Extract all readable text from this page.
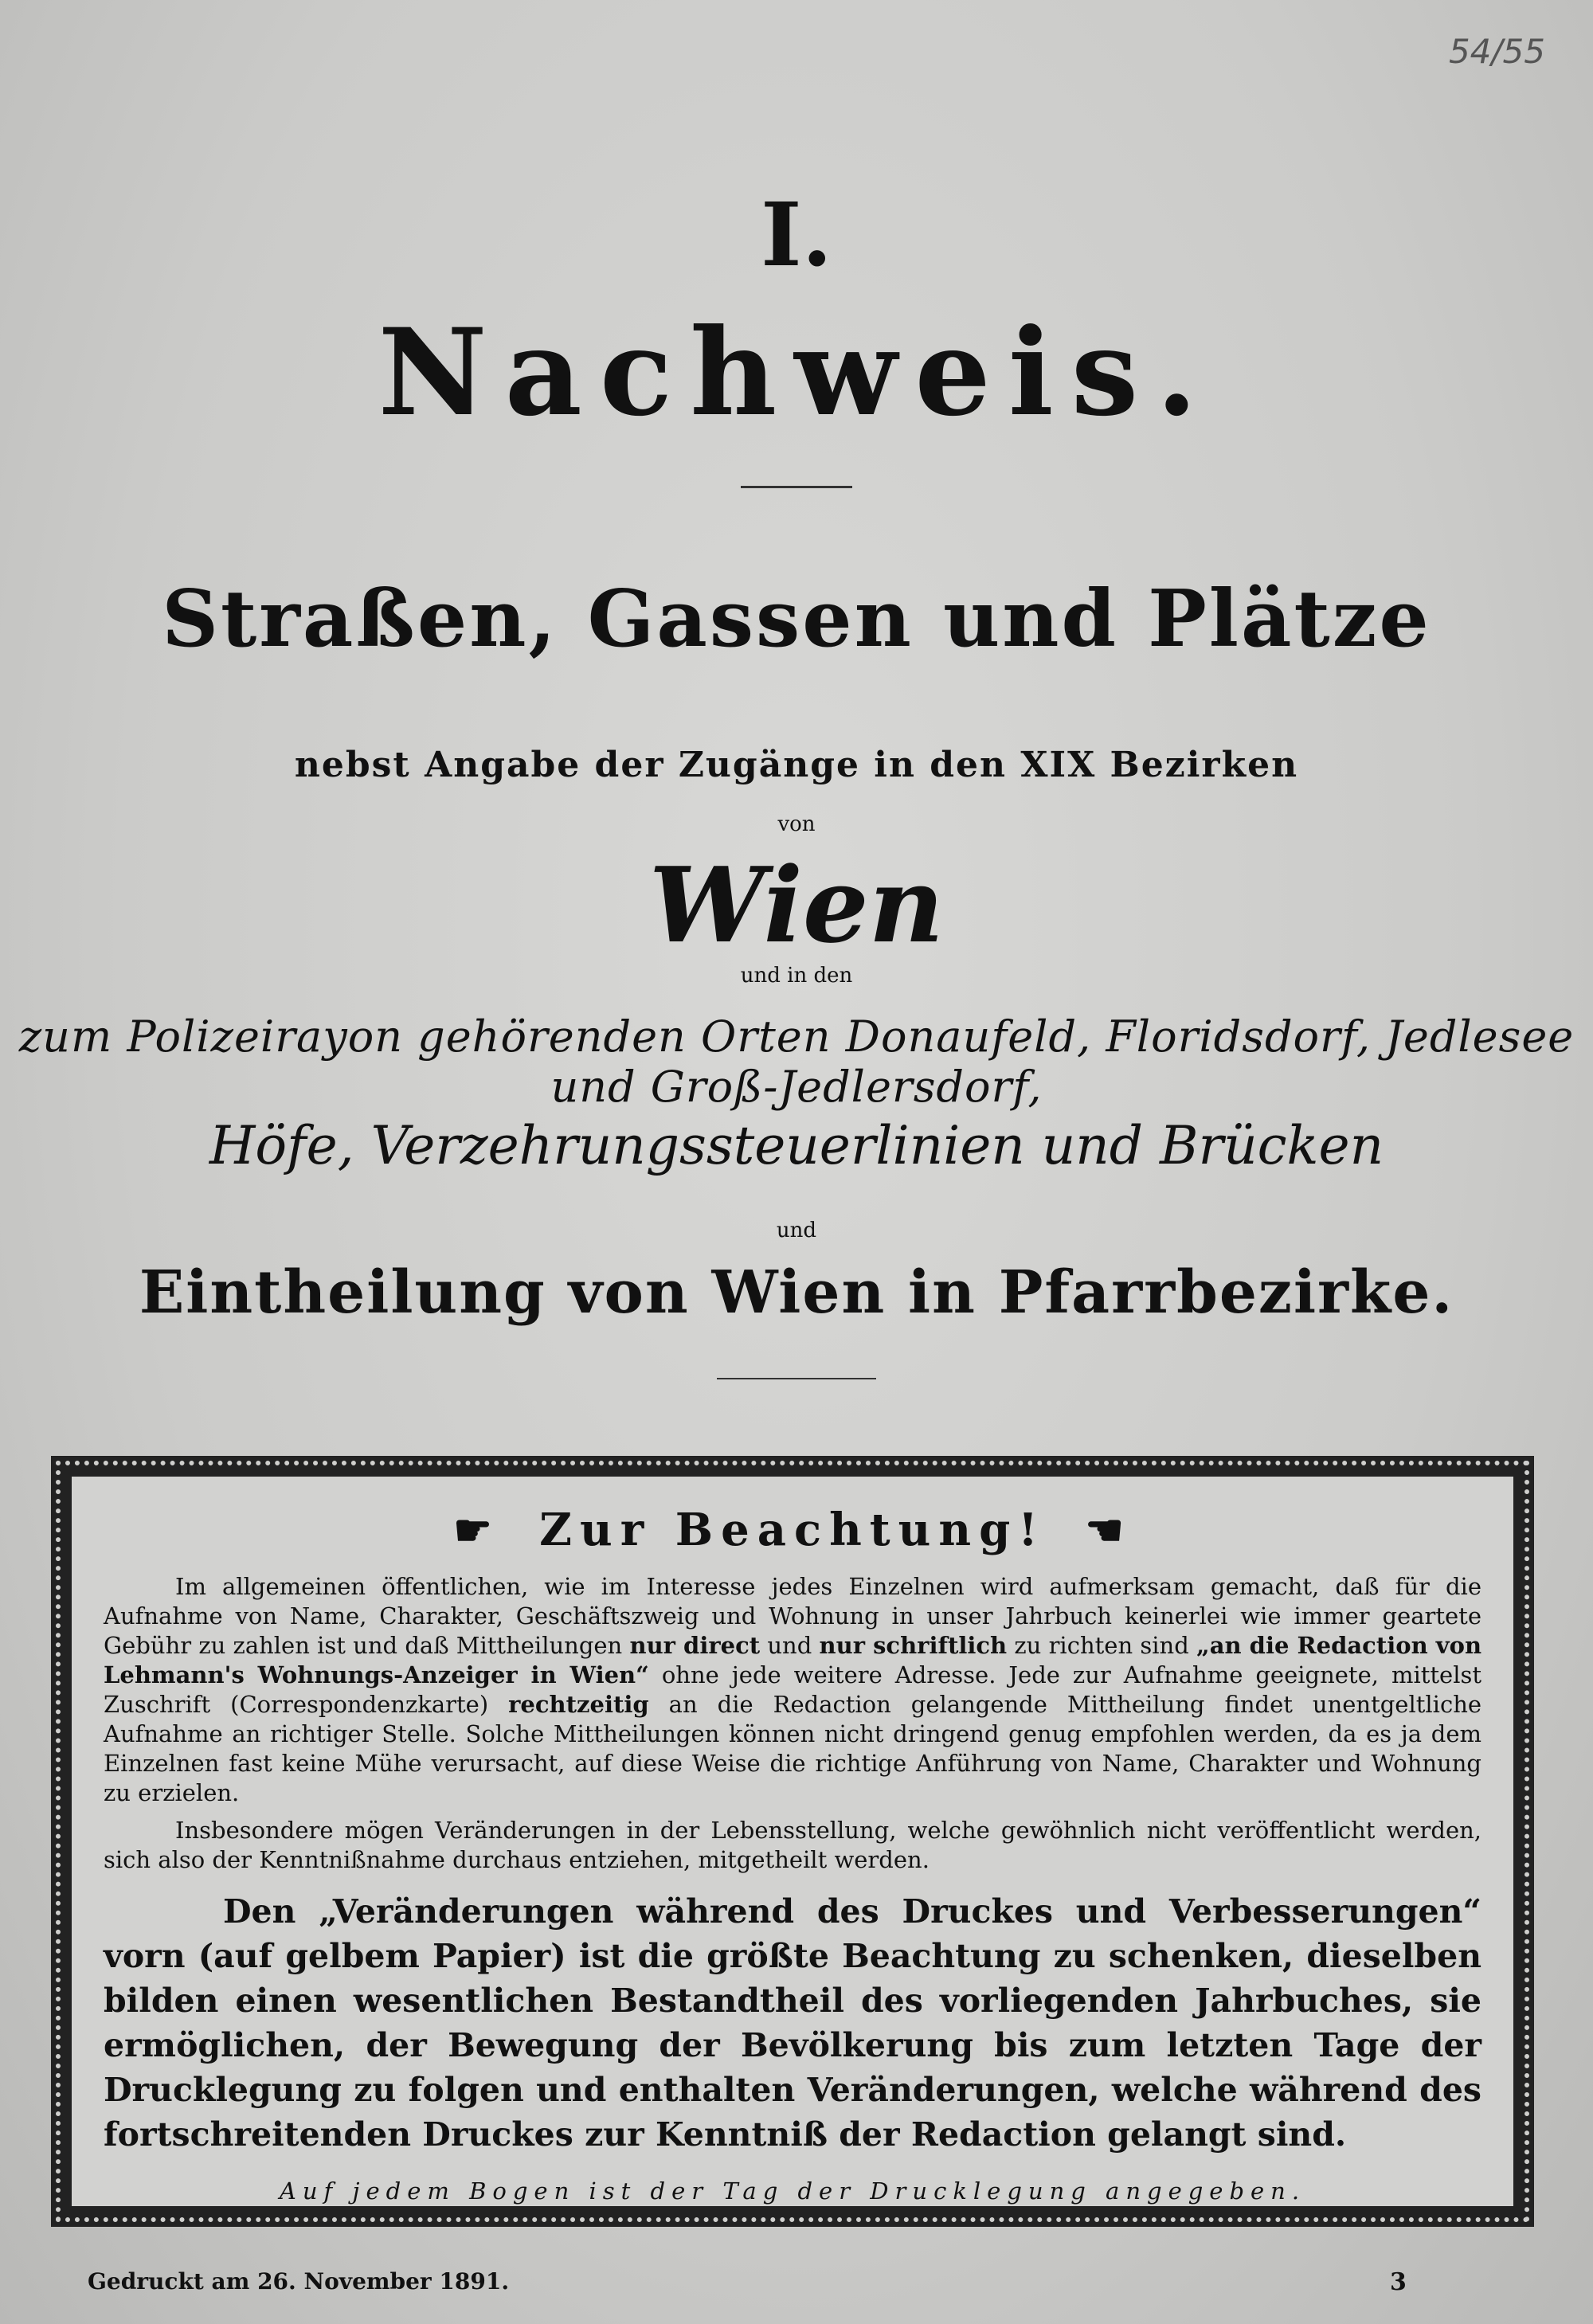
54/55
I.
Nachweis.
Straßen, Gassen und Plätze
nebst Angabe der Zugänge in den XIX Bezirken
von
Wien
und in den
zum Polizeirayon gehörenden Orten Donaufeld, Floridsdorf, Jedlesee und Groß-Jedlersdorf,
Höfe, Verzehrungssteuerlinien und Brücken
und
Eintheilung von Wien in Pfarrbezirke.
☛ Zur Beachtung! ☚

Im allgemeinen öffentlichen, wie im Interesse jedes Einzelnen wird aufmerksam gemacht, daß für die Aufnahme von Name, Charakter, Geschäftszweig und Wohnung in unser Jahrbuch keinerlei wie immer geartete Gebühr zu zahlen ist und daß Mittheilungen nur direct und nur schriftlich zu richten sind „an die Redaction von Lehmann's Wohnungs-Anzeiger in Wien“ ohne jede weitere Adresse. Jede zur Aufnahme geeignete, mittelst Zuschrift (Correspondenzkarte) rechtzeitig an die Redaction gelangende Mittheilung findet unentgeltliche Aufnahme an richtiger Stelle. Solche Mittheilungen können nicht dringend genug empfohlen werden, da es ja dem Einzelnen fast keine Mühe verursacht, auf diese Weise die richtige Anführung von Name, Charakter und Wohnung zu erzielen.

Insbesondere mögen Veränderungen in der Lebensstellung, welche gewöhnlich nicht veröffentlicht werden, sich also der Kenntnißnahme durchaus entziehen, mitgetheilt werden.

Den „Veränderungen während des Druckes und Verbesserungen“ vorn (auf gelbem Papier) ist die größte Beachtung zu schenken, dieselben bilden einen wesentlichen Bestandtheil des vorliegenden Jahrbuches, sie ermöglichen, der Bewegung der Bevölkerung bis zum letzten Tage der Drucklegung zu folgen und enthalten Veränderungen, welche während des fortschreitenden Druckes zur Kenntniß der Redaction gelangt sind.

Auf jedem Bogen ist der Tag der Drucklegung angegeben.
Gedruckt am 26. November 1891.	3
